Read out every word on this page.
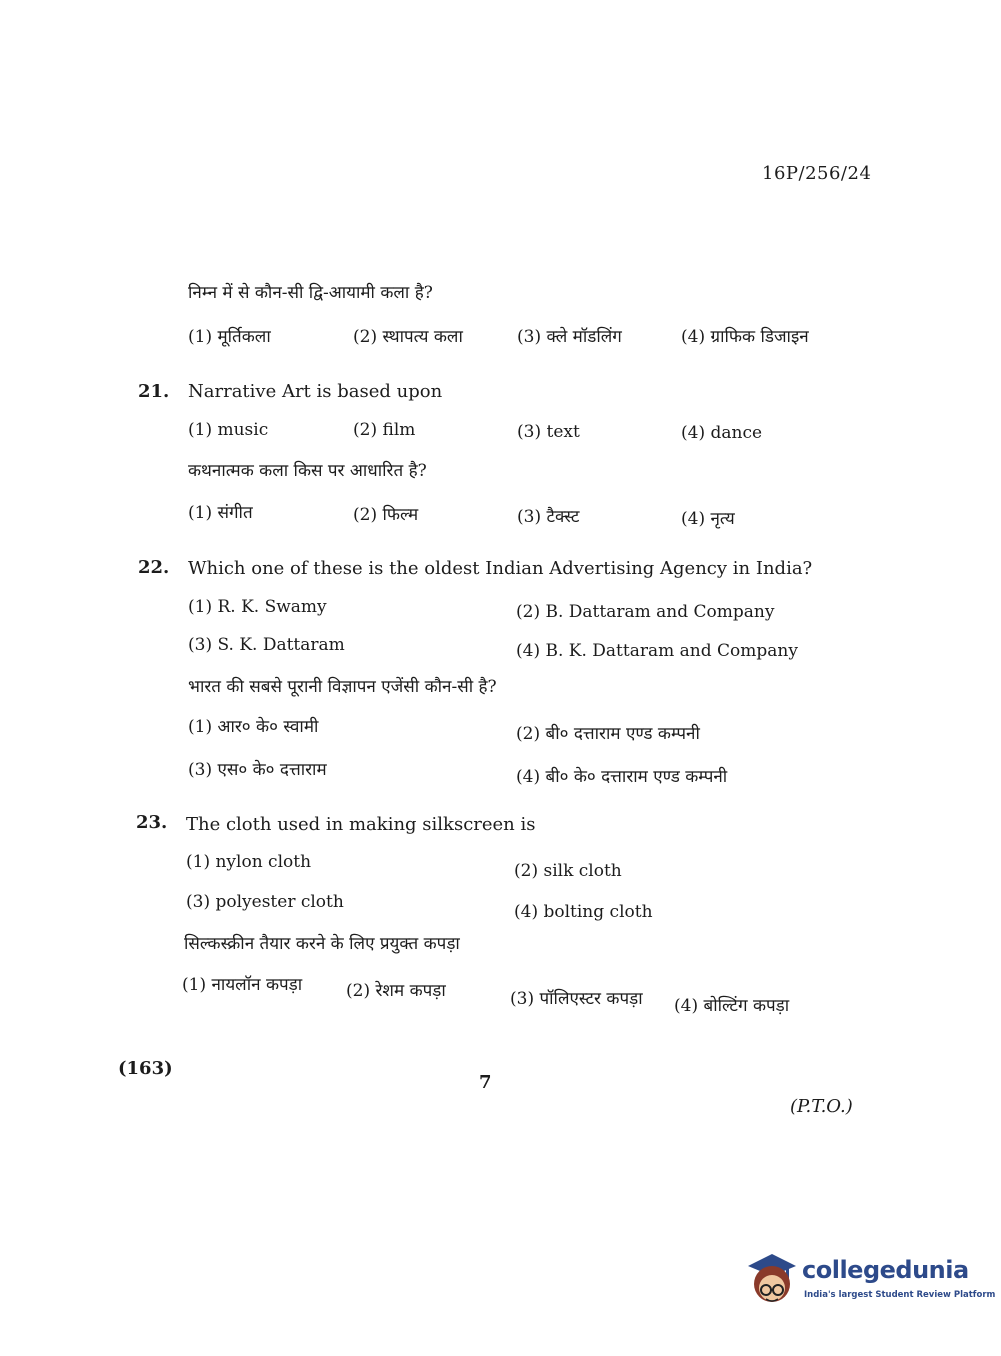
16P/256/24
निम्न में से कौन-सी द्वि-आयामी कला है?
(1) मूर्तिकला	(2) स्थापत्य कला	(3) क्ले मॉडलिंग	(4) ग्राफिक डिजाइन
21. Narrative Art is based upon
(1) music	(2) film	(3) text	(4) dance
कथनात्मक कला किस पर आधारित है?
(1) संगीत	(2) फिल्म	(3) टैक्स्ट	(4) नृत्य
22. Which one of these is the oldest Indian Advertising Agency in India?
(1) R. K. Swamy	(2) B. Dattaram and Company
(3) S. K. Dattaram	(4) B. K. Dattaram and Company
भारत की सबसे पूरानी विज्ञापन एजेंसी कौन-सी है?
(1) आर० के० स्वामी	(2) बी० दत्ताराम एण्ड कम्पनी
(3) एस० के० दत्ताराम	(4) बी० के० दत्ताराम एण्ड कम्पनी
23. The cloth used in making silkscreen is
(1) nylon cloth	(2) silk cloth
(3) polyester cloth	(4) bolting cloth
सिल्कस्क्रीन तैयार करने के लिए प्रयुक्त कपड़ा
(1) नायलॉन कपड़ा	(2) रेशम कपड़ा	(3) पॉलिएस्टर कपड़ा (4) बोल्टिंग कपड़ा
(163)
7
(P.T.O.)
collegedunia
India's largest Student Review Platform
